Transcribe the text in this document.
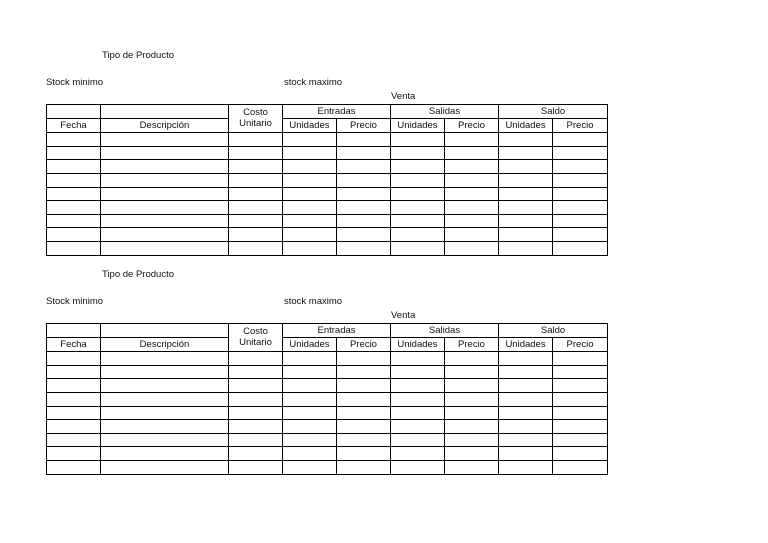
Tipo de Producto
Stock minimo	stock maximo
Venta
		Costo	Entradas		Salidas		Saldo	
Fecha	Descripción	Unitario	Unidades	Precio	Unidades	Precio	Unidades	Precio

Tipo de Producto
Stock minimo	stock maximo
Venta
		Costo	Entradas		Salidas		Saldo	
Fecha	Descripción	Unitario	Unidades	Precio	Unidades	Precio	Unidades	Precio
